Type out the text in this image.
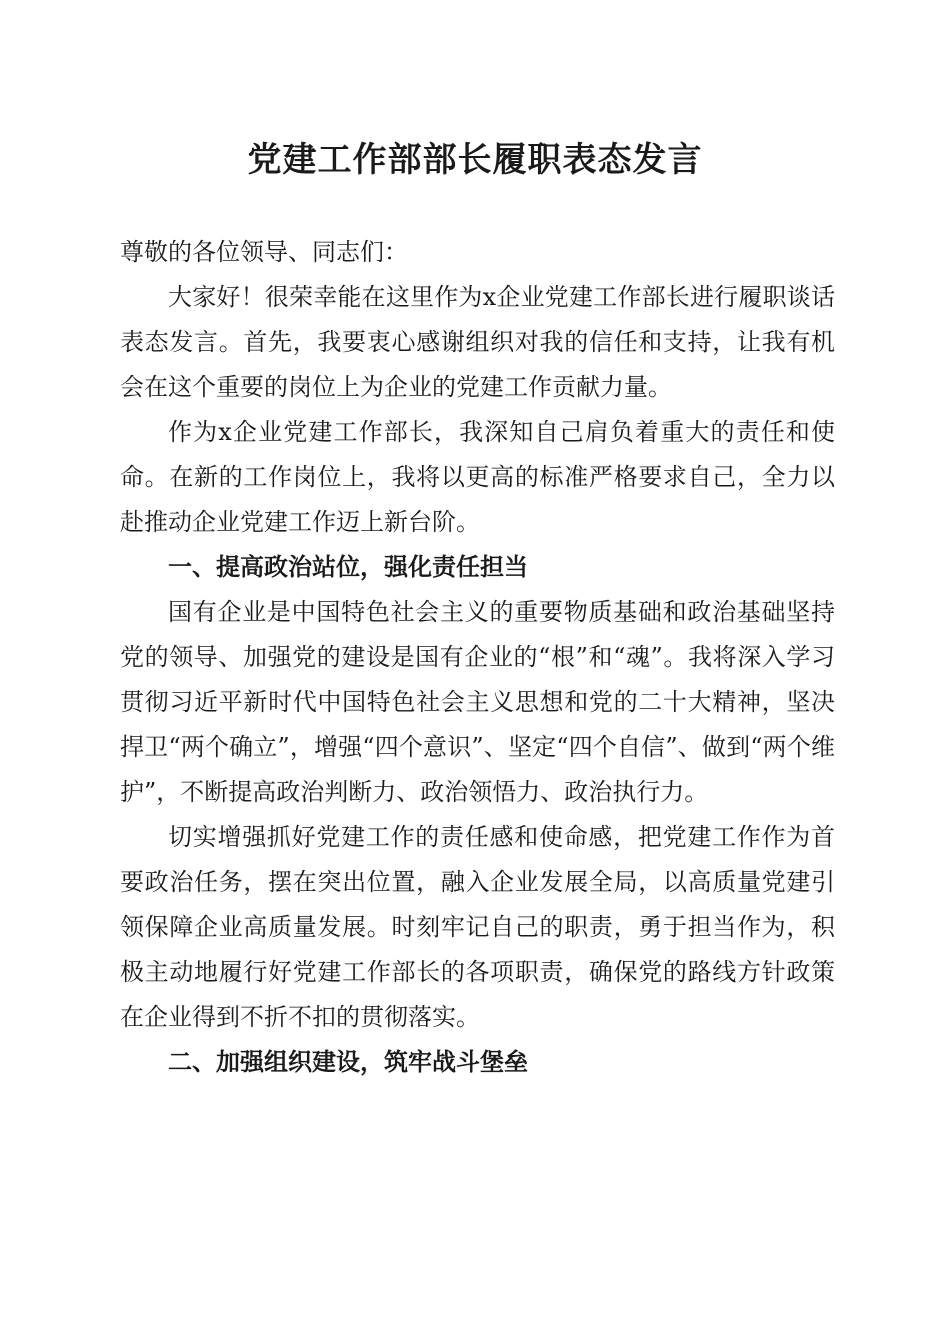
党建工作部部长履职表态发言

尊敬的各位领导、同志们：

大家好！很荣幸能在这里作为x企业党建工作部长进行履职谈话表态发言。首先，我要衷心感谢组织对我的信任和支持，让我有机会在这个重要的岗位上为企业的党建工作贡献力量。

作为x企业党建工作部长，我深知自己肩负着重大的责任和使命。在新的工作岗位上，我将以更高的标准严格要求自己，全力以赴推动企业党建工作迈上新台阶。

一、提高政治站位，强化责任担当

国有企业是中国特色社会主义的重要物质基础和政治基础坚持党的领导、加强党的建设是国有企业的“根”和“魂”。我将深入学习贯彻习近平新时代中国特色社会主义思想和党的二十大精神，坚决捍卫“两个确立”，增强“四个意识”、坚定“四个自信”、做到“两个维护”，不断提高政治判断力、政治领悟力、政治执行力。

切实增强抓好党建工作的责任感和使命感，把党建工作作为首要政治任务，摆在突出位置，融入企业发展全局，以高质量党建引领保障企业高质量发展。时刻牢记自己的职责，勇于担当作为，积极主动地履行好党建工作部长的各项职责，确保党的路线方针政策在企业得到不折不扣的贯彻落实。

二、加强组织建设，筑牢战斗堡垒
